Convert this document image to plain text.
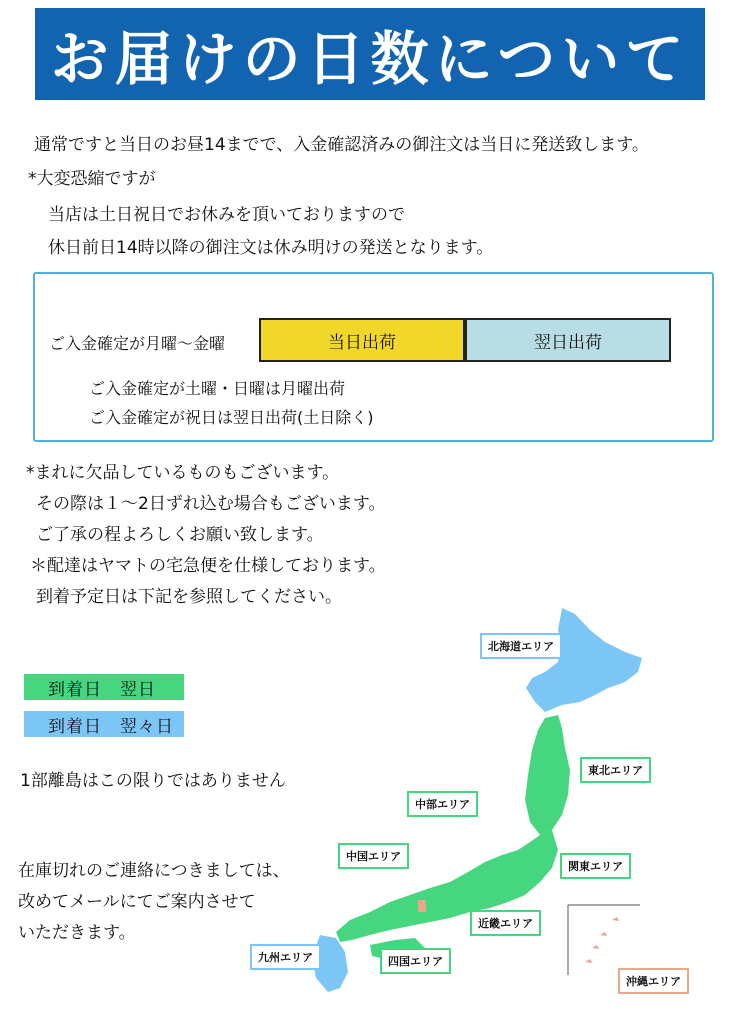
お届けの日数について
通常ですと当日のお昼14までで、入金確認済みの御注文は当日に発送致します。
*大変恐縮ですが
当店は土日祝日でお休みを頂いておりますので
休日前日14時以降の御注文は休み明けの発送となります。
ご入金確定が月曜～金曜	当日出荷	翌日出荷
ご入金確定が土曜・日曜は月曜出荷
ご入金確定が祝日は翌日出荷(土日除く)
*まれに欠品しているものもございます。
その際は１～2日ずれ込む場合もございます。
ご了承の程よろしくお願い致します。
＊配達はヤマトの宅急便を仕様しております。
到着予定日は下記を参照してください。
到着日　翌日
到着日　翌々日
1部離島はこの限りではありません
在庫切れのご連絡につきましては、
改めてメールにてご案内させて
いただきます。
北海道エリア
東北エリア
中部エリア
中国エリア
関東エリア
近畿エリア
四国エリア
九州エリア
沖縄エリア
